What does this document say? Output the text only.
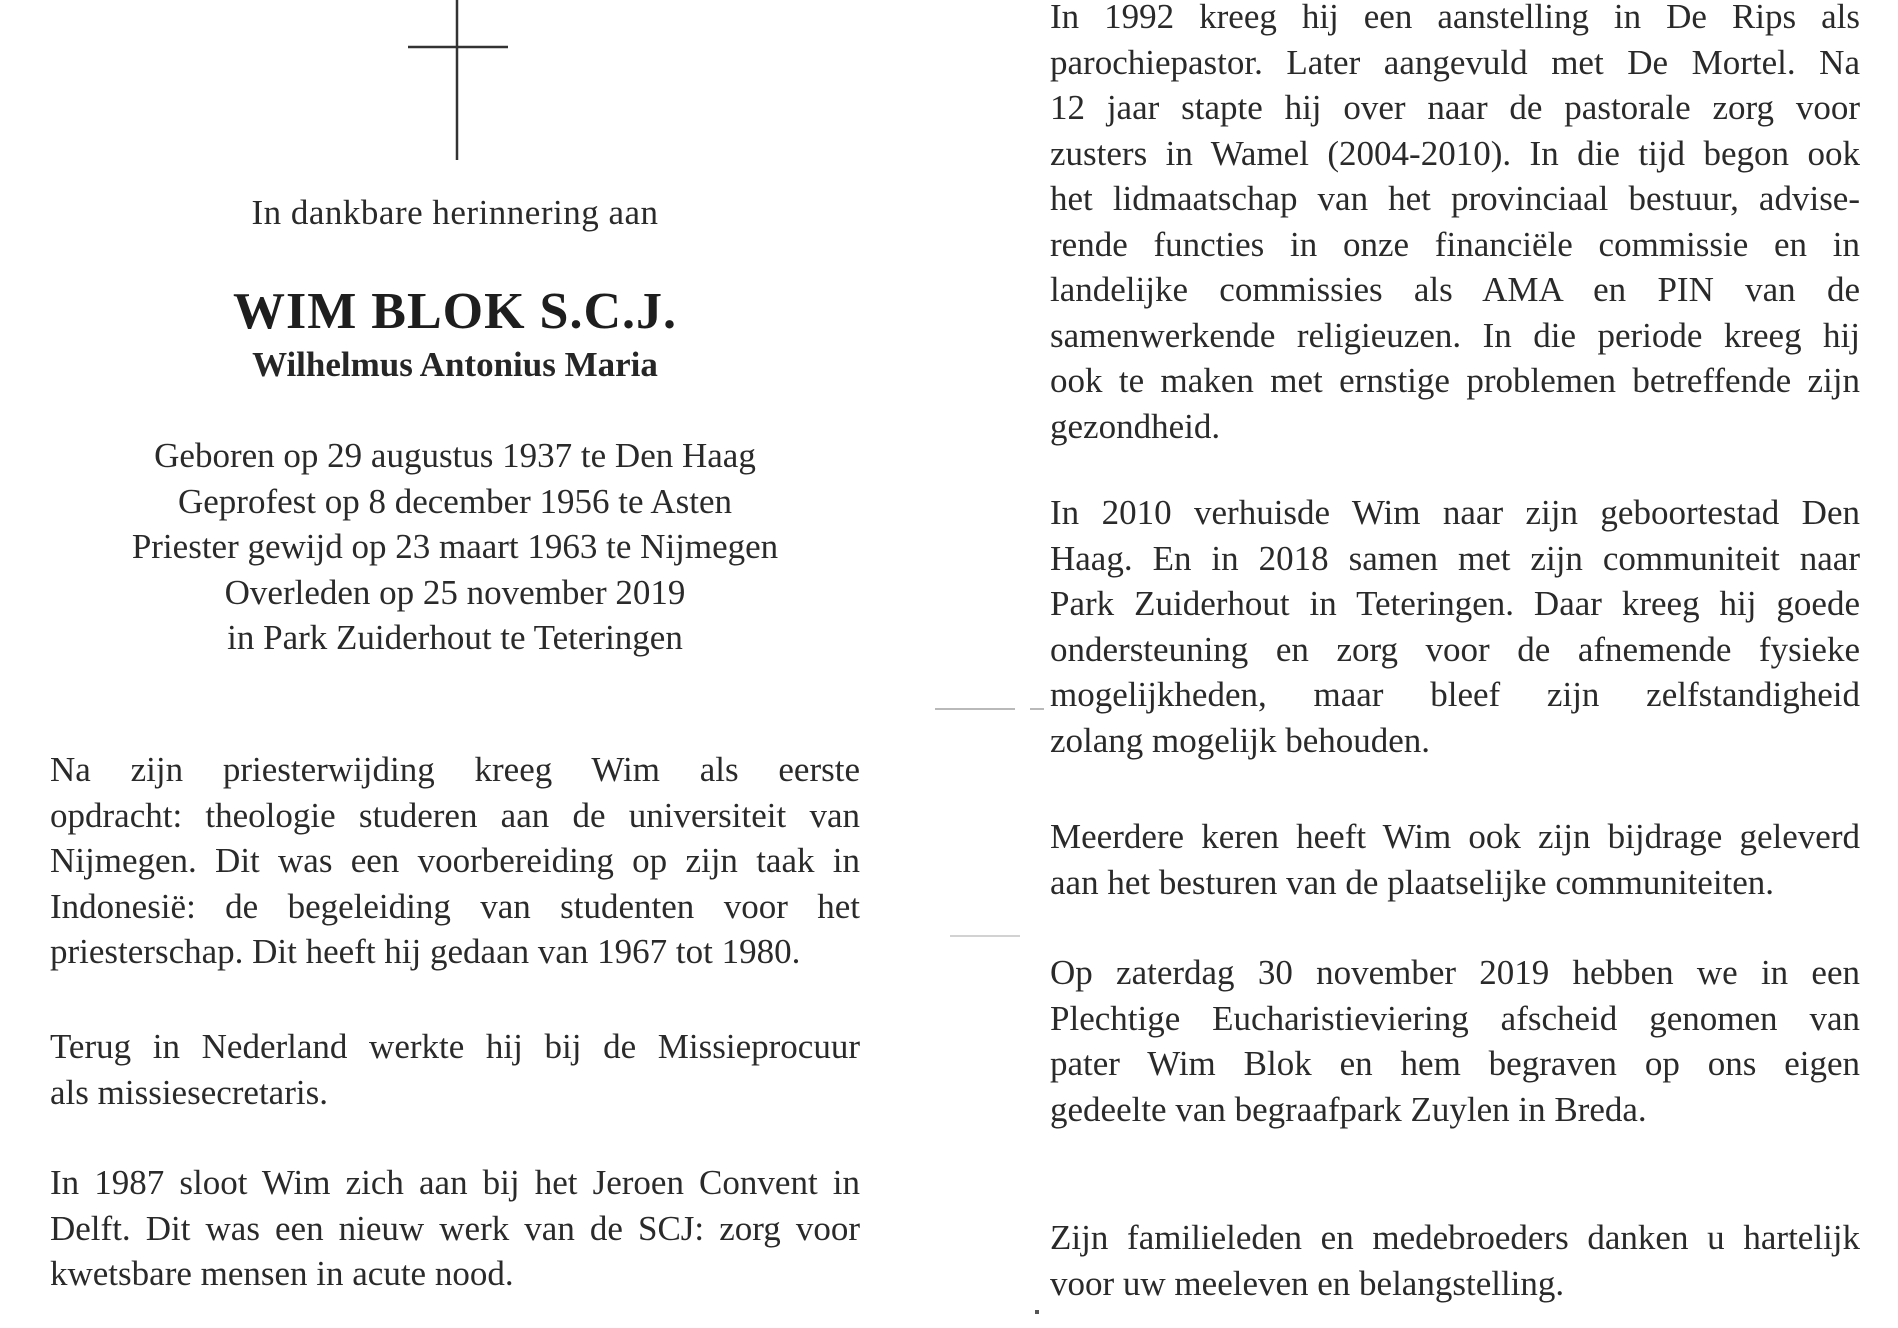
In dankbare herinnering aan
WIM BLOK S.C.J.
Wilhelmus Antonius Maria
Geboren op 29 augustus 1937 te Den Haag
Geprofest op 8 december 1956 te Asten
Priester gewijd op 23 maart 1963 te Nijmegen
Overleden op 25 november 2019
in Park Zuiderhout te Teteringen
Na zijn priesterwijding kreeg Wim als eerste
opdracht: theologie studeren aan de universiteit van
Nijmegen. Dit was een voorbereiding op zijn taak in
Indonesië: de begeleiding van studenten voor het
priesterschap. Dit heeft hij gedaan van 1967 tot 1980.
Terug in Nederland werkte hij bij de Missieprocuur
als missiesecretaris.
In 1987 sloot Wim zich aan bij het Jeroen Convent in
Delft. Dit was een nieuw werk van de SCJ: zorg voor
kwetsbare mensen in acute nood.
In 1992 kreeg hij een aanstelling in De Rips als
parochiepastor. Later aangevuld met De Mortel. Na
12 jaar stapte hij over naar de pastorale zorg voor
zusters in Wamel (2004-2010). In die tijd begon ook
het lidmaatschap van het provinciaal bestuur, advise-
rende functies in onze financiële commissie en in
landelijke commissies als AMA en PIN van de
samenwerkende religieuzen. In die periode kreeg hij
ook te maken met ernstige problemen betreffende zijn
gezondheid.
In 2010 verhuisde Wim naar zijn geboortestad Den
Haag. En in 2018 samen met zijn communiteit naar
Park Zuiderhout in Teteringen. Daar kreeg hij goede
ondersteuning en zorg voor de afnemende fysieke
mogelijkheden, maar bleef zijn zelfstandigheid
zolang mogelijk behouden.
Meerdere keren heeft Wim ook zijn bijdrage geleverd
aan het besturen van de plaatselijke communiteiten.
Op zaterdag 30 november 2019 hebben we in een
Plechtige Eucharistieviering afscheid genomen van
pater Wim Blok en hem begraven op ons eigen
gedeelte van begraafpark Zuylen in Breda.
Zijn familieleden en medebroeders danken u hartelijk
voor uw meeleven en belangstelling.
